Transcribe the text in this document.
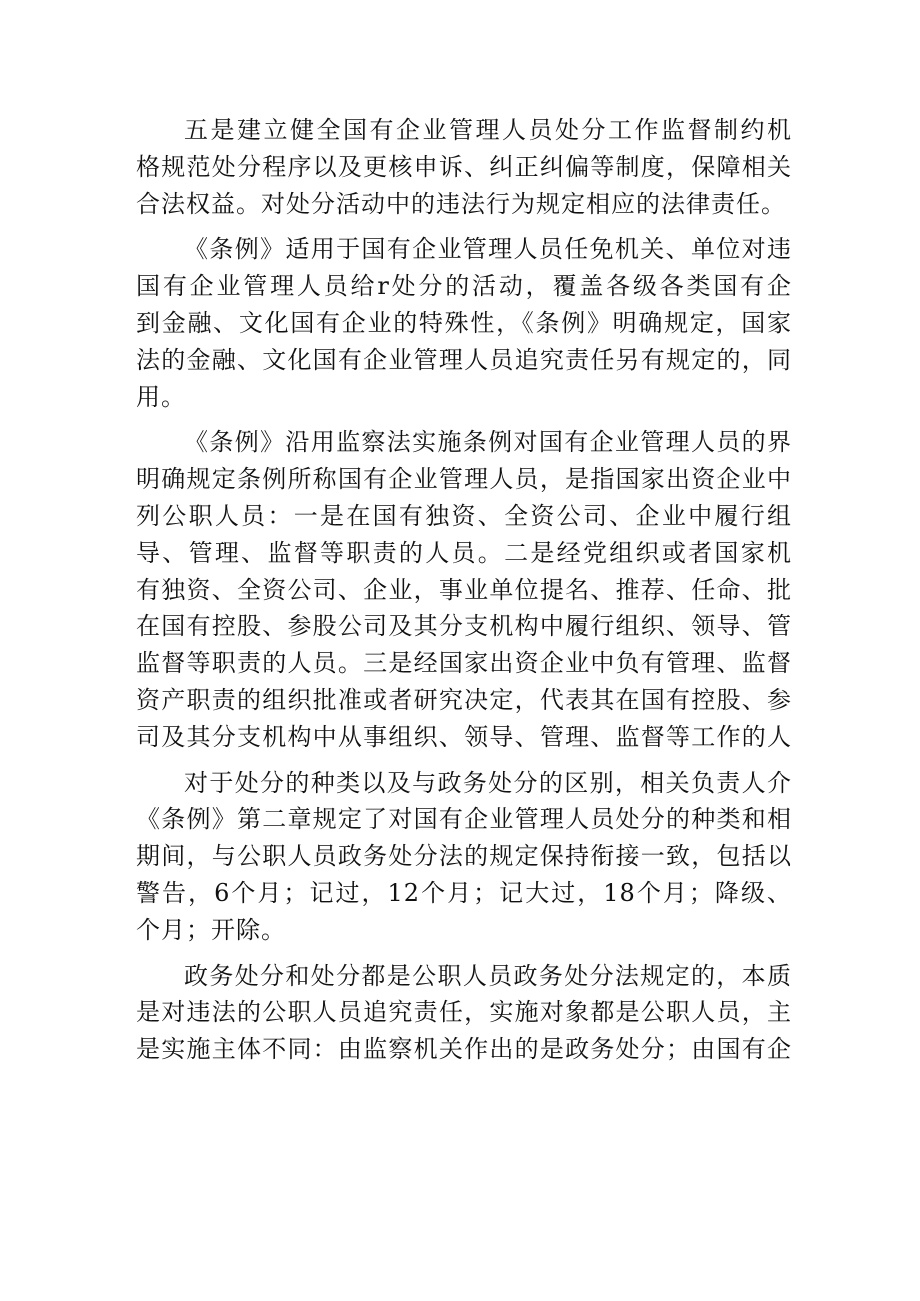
五是建立健全国有企业管理人员处分工作监督制约机
格规范处分程序以及更核申诉、纠正纠偏等制度，保障相关
合法权益。对处分活动中的违法行为规定相应的法律责任。
《条例》适用于国有企业管理人员任免机关、单位对违
国有企业管理人员给r处分的活动，覆盖各级各类国有企
到金融、文化国有企业的特殊性，《条例》明确规定，国家
法的金融、文化国有企业管理人员追究责任另有规定的，同
用。
《条例》沿用监察法实施条例对国有企业管理人员的界
明确规定条例所称国有企业管理人员，是指国家出资企业中
列公职人员：一是在国有独资、全资公司、企业中履行组
导、管理、监督等职责的人员。二是经党组织或者国家机
有独资、全资公司、企业，事业单位提名、推荐、任命、批
在国有控股、参股公司及其分支机构中履行组织、领导、管
监督等职责的人员。三是经国家出资企业中负有管理、监督
资产职责的组织批准或者研究决定，代表其在国有控股、参
司及其分支机构中从事组织、领导、管理、监督等工作的人
对于处分的种类以及与政务处分的区别，相关负责人介
《条例》第二章规定了对国有企业管理人员处分的种类和相
期间，与公职人员政务处分法的规定保持衔接一致，包括以
警告，6个月；记过，12个月；记大过，18个月；降级、
个月；开除。
政务处分和处分都是公职人员政务处分法规定的，本质
是对违法的公职人员追究责任，实施对象都是公职人员，主
是实施主体不同：由监察机关作出的是政务处分；由国有企
